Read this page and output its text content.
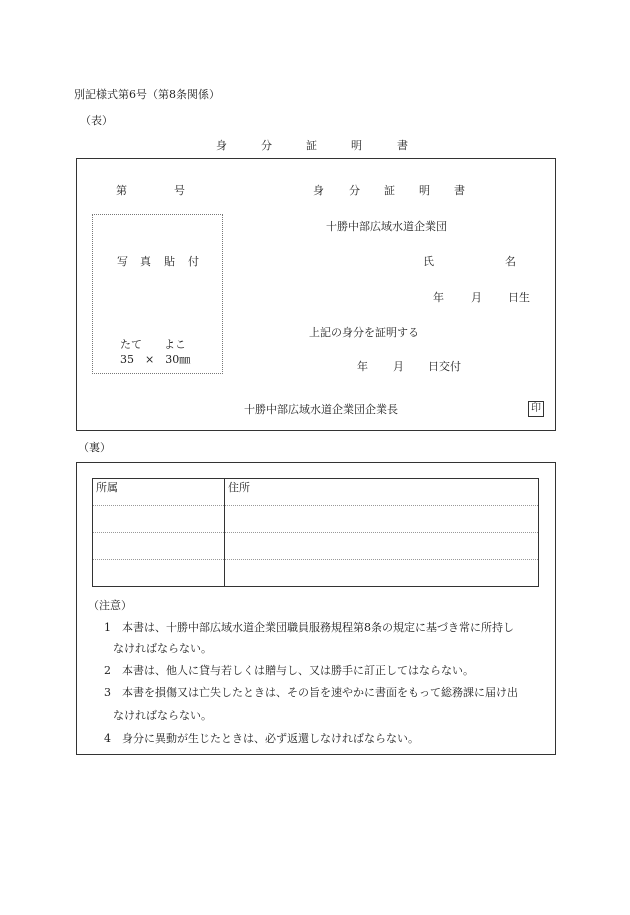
別記様式第6号（第8条関係）
（表）
身	分	証	明	書
第	号	身 分 証 明 書
十勝中部広域水道企業団
写 真 貼 付
たて　　よこ
35　×　30㎜
氏	名
年 月 日生
上記の身分を証明する
年 月 日交付
十勝中部広域水道企業団企業長	印
（裏）
所属	住所

（注意）
1　本書は、十勝中部広域水道企業団職員服務規程第8条の規定に基づき常に所持し
なければならない。
2　本書は、他人に貸与若しくは贈与し、又は勝手に訂正してはならない。
3　本書を損傷又は亡失したときは、その旨を速やかに書面をもって総務課に届け出
なければならない。
4　身分に異動が生じたときは、必ず返還しなければならない。
